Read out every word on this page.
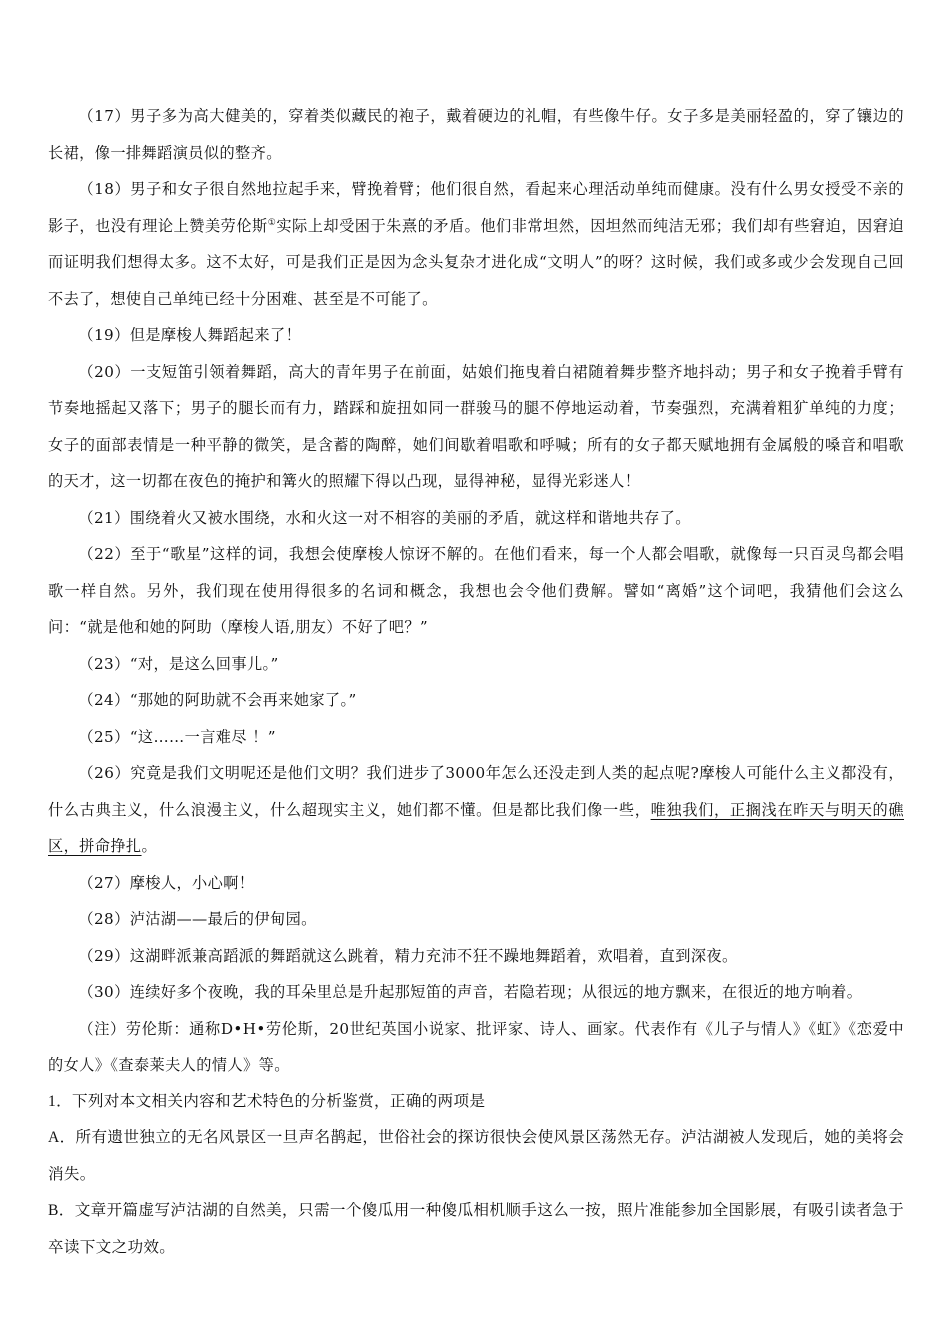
（17）男子多为高大健美的，穿着类似藏民的袍子，戴着硬边的礼帽，有些像牛仔。女子多是美丽轻盈的，穿了镶边的长裙，像一排舞蹈演员似的整齐。

（18）男子和女子很自然地拉起手来，臂挽着臂；他们很自然，看起来心理活动单纯而健康。没有什么男女授受不亲的影子，也没有理论上赞美劳伦斯①实际上却受困于朱熹的矛盾。他们非常坦然，因坦然而纯洁无邪；我们却有些窘迫，因窘迫而证明我们想得太多。这不太好，可是我们正是因为念头复杂才进化成“文明人”的呀？这时候，我们或多或少会发现自己回不去了，想使自己单纯已经十分困难、甚至是不可能了。

（19）但是摩梭人舞蹈起来了！

（20）一支短笛引领着舞蹈，高大的青年男子在前面，姑娘们拖曳着白裙随着舞步整齐地抖动；男子和女子挽着手臂有节奏地摇起又落下；男子的腿长而有力，踏踩和旋扭如同一群骏马的腿不停地运动着，节奏强烈，充满着粗犷单纯的力度；女子的面部表情是一种平静的微笑，是含蓄的陶醉，她们间歇着唱歌和呼喊；所有的女子都天赋地拥有金属般的嗓音和唱歌的天才，这一切都在夜色的掩护和篝火的照耀下得以凸现，显得神秘，显得光彩迷人！

（21）围绕着火又被水围绕，水和火这一对不相容的美丽的矛盾，就这样和谐地共存了。

（22）至于“歌星”这样的词，我想会使摩梭人惊讶不解的。在他们看来，每一个人都会唱歌，就像每一只百灵鸟都会唱歌一样自然。另外，我们现在使用得很多的名词和概念，我想也会令他们费解。譬如“离婚”这个词吧，我猜他们会这么问：“就是他和她的阿助（摩梭人语,朋友）不好了吧？”

（23）“对，是这么回事儿。”

（24）“那她的阿助就不会再来她家了。”

（25）“这……一言难尽 ！”

（26）究竟是我们文明呢还是他们文明？我们进步了3000年怎么还没走到人类的起点呢?摩梭人可能什么主义都没有，什么古典主义，什么浪漫主义，什么超现实主义，她们都不懂。但是都比我们像一些，唯独我们，正搁浅在昨天与明天的礁区，拼命挣扎。

（27）摩梭人，小心啊！

（28）泸沽湖——最后的伊甸园。

（29）这湖畔派兼高蹈派的舞蹈就这么跳着，精力充沛不狂不躁地舞蹈着，欢唱着，直到深夜。

（30）连续好多个夜晚，我的耳朵里总是升起那短笛的声音，若隐若现；从很远的地方飘来，在很近的地方响着。

（注）劳伦斯：通称D•H•劳伦斯，20世纪英国小说家、批评家、诗人、画家。代表作有《儿子与情人》《虹》《恋爱中的女人》《查泰莱夫人的情人》等。

1．下列对本文相关内容和艺术特色的分析鉴赏，正确的两项是

A．所有遗世独立的无名风景区一旦声名鹊起，世俗社会的探访很快会使风景区荡然无存。泸沽湖被人发现后，她的美将会消失。

B．文章开篇虚写泸沽湖的自然美，只需一个傻瓜用一种傻瓜相机顺手这么一按，照片准能参加全国影展，有吸引读者急于卒读下文之功效。
